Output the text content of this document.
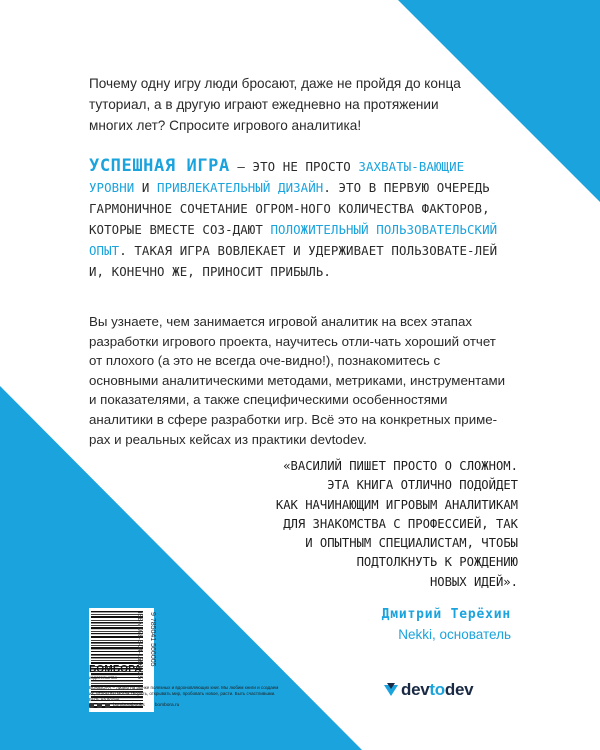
Почему одну игру люди бросают, даже не пройдя до конца туториал, а в другую играют ежедневно на протяжении многих лет? Спросите игрового аналитика!

УСПЕШНАЯ ИГРА – ЭТО НЕ ПРОСТО ЗАХВАТЫ-ВАЮЩИЕ УРОВНИ И ПРИВЛЕКАТЕЛЬНЫЙ ДИЗАЙН. ЭТО В ПЕРВУЮ ОЧЕРЕДЬ ГАРМОНИЧНОЕ СОЧЕТАНИЕ ОГРОМ-НОГО КОЛИЧЕСТВА ФАКТОРОВ, КОТОРЫЕ ВМЕСТЕ СОЗ-ДАЮТ ПОЛОЖИТЕЛЬНЫЙ ПОЛЬЗОВАТЕЛЬСКИЙ ОПЫТ. ТАКАЯ ИГРА ВОВЛЕКАЕТ И УДЕРЖИВАЕТ ПОЛЬЗОВАТЕ-ЛЕЙ И, КОНЕЧНО ЖЕ, ПРИНОСИТ ПРИБЫЛЬ.

Вы узнаете, чем занимается игровой аналитик на всех этапах разработки игрового проекта, научитесь отли-чать хороший отчет от плохого (а это не всегда оче-видно!), познакомитесь с основными аналитическими методами, метриками, инструментами и показателями, а также специфическими особенностями аналитики в сфере разработки игр. Всё это на конкретных приме-рах и реальных кейсах из практики devtodev.

«ВАСИЛИЙ ПИШЕТ ПРОСТО О СЛОЖНОМ.
ЭТА КНИГА ОТЛИЧНО ПОДОЙДЕТ
КАК НАЧИНАЮЩИМ ИГРОВЫМ АНАЛИТИКАМ
ДЛЯ ЗНАКОМСТВА С ПРОФЕССИЕЙ, ТАК
И ОПЫТНЫМ СПЕЦИАЛИСТАМ, ЧТОБЫ
ПОДТОЛКНУТЬ К РОЖДЕНИЮ
НОВЫХ ИДЕЙ».

Дмитрий Терёхин
Nekki, основатель
ISBN 978-5-04-156600-5 9 785041 566005
БОМБОРА
издательство
БОМБОРА – лидер на рынке полезных и вдохновляющих книг. Мы любим книги и создаем их, чтобы вы могли творить, открывать мир, пробовать новое, расти. Быть счастливыми. Быть на волне.
bomborabooks bombora.ru
dev to dev
